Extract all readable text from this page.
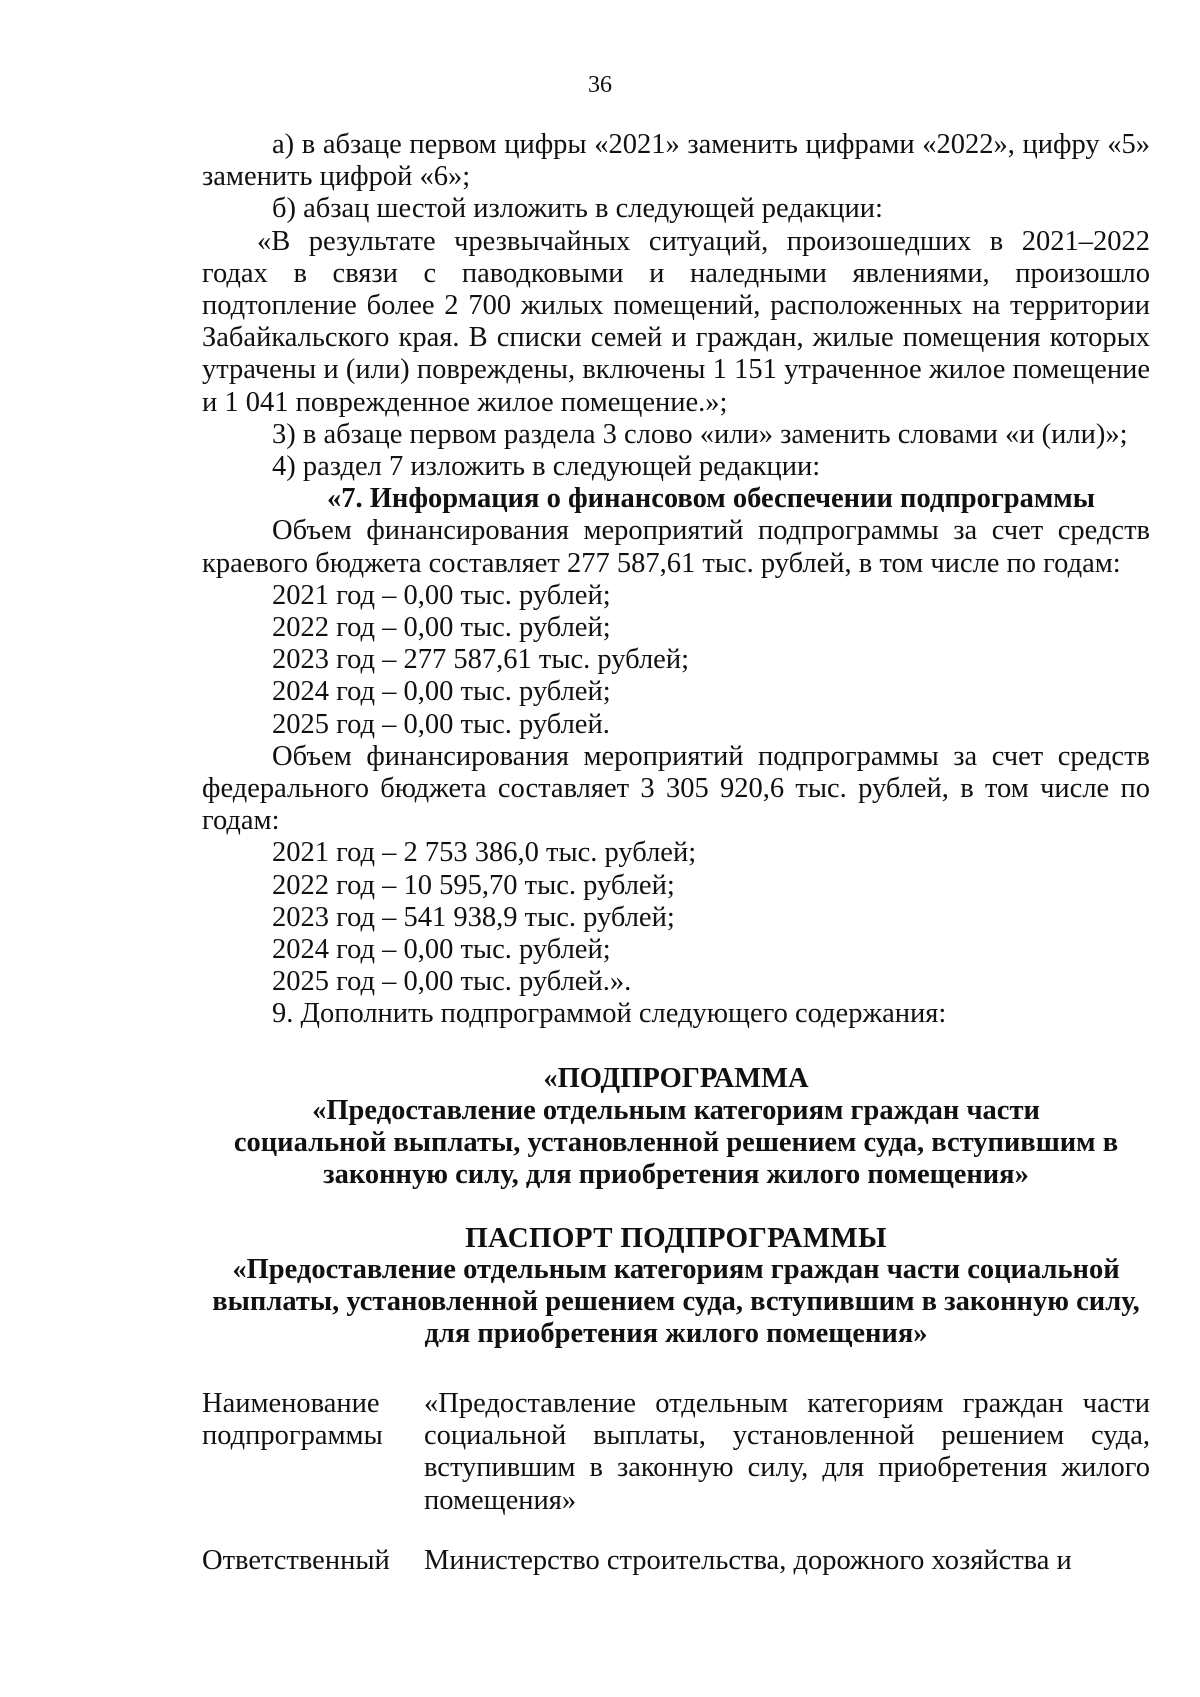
36

а) в абзаце первом цифры «2021» заменить цифрами «2022», цифру «5» заменить цифрой «6»;

б) абзац шестой изложить в следующей редакции:

«В результате чрезвычайных ситуаций, произошедших в 2021–2022 годах в связи с паводковыми и наледными явлениями, произошло подтопление более 2 700 жилых помещений, расположенных на территории Забайкальского края. В списки семей и граждан, жилые помещения которых утрачены и (или) повреждены, включены 1 151 утраченное жилое помещение и 1 041 поврежденное жилое помещение.»;

3) в абзаце первом раздела 3 слово «или» заменить словами «и (или)»;

4) раздел 7 изложить в следующей редакции:

«7. Информация о финансовом обеспечении подпрограммы

Объем финансирования мероприятий подпрограммы за счет средств краевого бюджета составляет 277 587,61 тыс. рублей, в том числе по годам:

2021 год – 0,00 тыс. рублей;

2022 год – 0,00 тыс. рублей;

2023 год – 277 587,61 тыс. рублей;

2024 год – 0,00 тыс. рублей;

2025 год – 0,00 тыс. рублей.

Объем финансирования мероприятий подпрограммы за счет средств федерального бюджета составляет 3 305 920,6 тыс. рублей, в том числе по годам:

2021 год – 2 753 386,0 тыс. рублей;

2022 год – 10 595,70 тыс. рублей;

2023 год – 541 938,9 тыс. рублей;

2024 год – 0,00 тыс. рублей;

2025 год – 0,00 тыс. рублей.».

9. Дополнить подпрограммой следующего содержания:

«ПОДПРОГРАММА

«Предоставление отдельным категориям граждан части

социальной выплаты, установленной решением суда, вступившим в

законную силу, для приобретения жилого помещения»

ПАСПОРТ ПОДПРОГРАММЫ

«Предоставление отдельным категориям граждан части социальной

выплаты, установленной решением суда, вступившим в законную силу,

для приобретения жилого помещения»

Наименование
подпрограммы
«Предоставление отдельным категориям граждан части социальной выплаты, установленной решением суда, вступившим в законную силу, для приобретения жилого помещения»
Ответственный	Министерство строительства, дорожного хозяйства и
